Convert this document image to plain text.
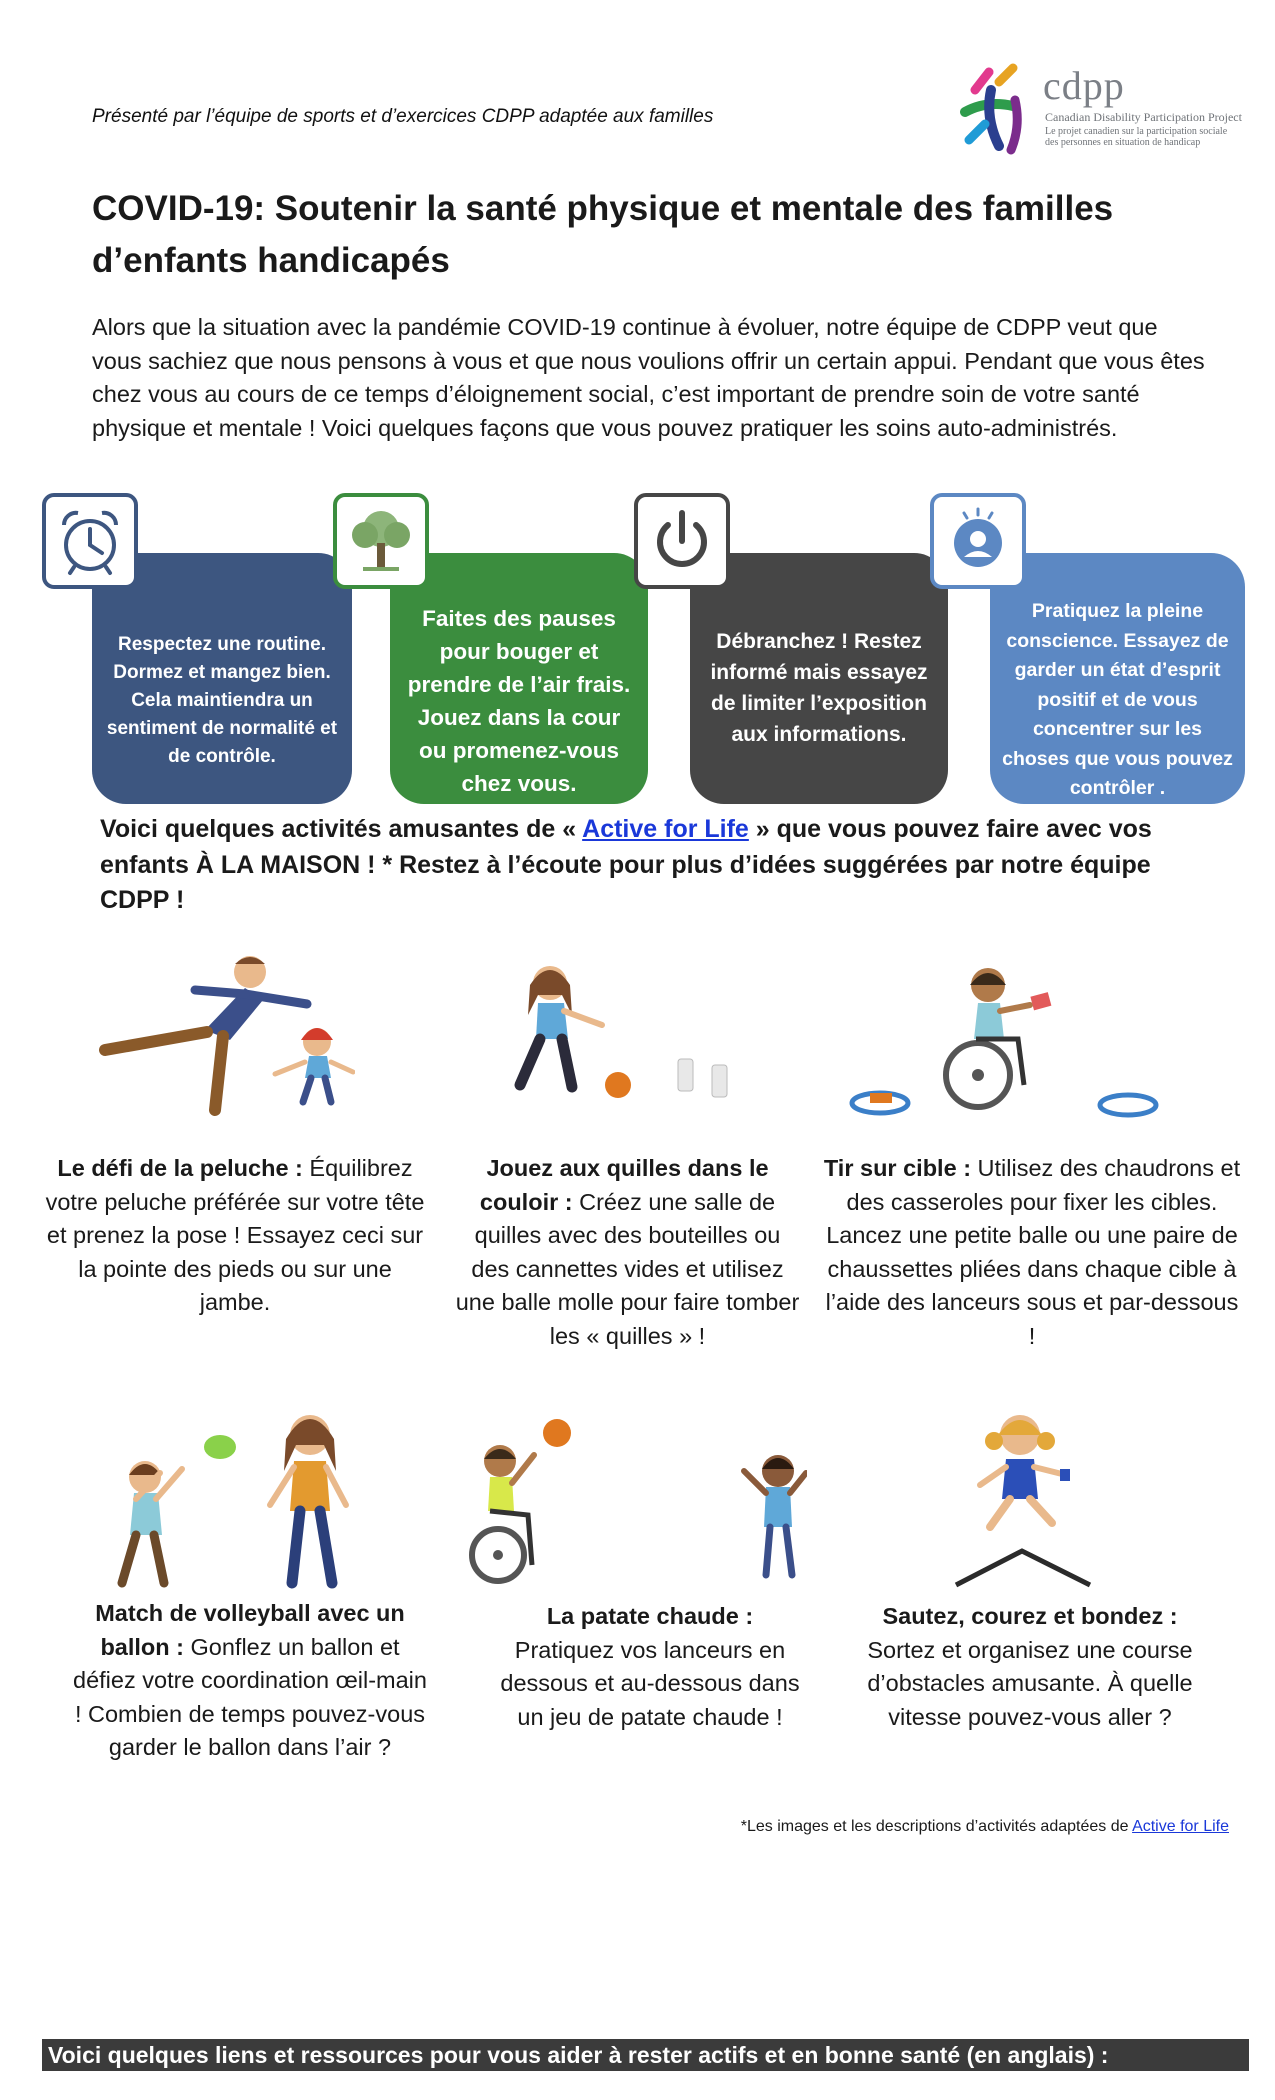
Présenté par l’équipe de sports et d’exercices CDPP adaptée aux familles
cdpp
Canadian Disability Participation Project
Le projet canadien sur la participation sociale des personnes en situation de handicap
COVID-19: Soutenir la santé physique et mentale des familles d’enfants handicapés

Alors que la situation avec la pandémie COVID-19 continue à évoluer, notre équipe de CDPP veut que vous sachiez que nous pensons à vous et que nous voulions offrir un certain appui. Pendant que vous êtes chez vous au cours de ce temps d’éloignement social, c’est important de prendre soin de votre santé physique et mentale ! Voici quelques façons que vous pouvez pratiquer les soins auto-administrés.

Respectez une routine. Dormez et mangez bien. Cela maintiendra un sentiment de normalité et de contrôle.
Faites des pauses pour bouger et prendre de l’air frais. Jouez dans la cour ou promenez-vous chez vous.
Débranchez ! Restez informé mais essayez de limiter l’exposition aux informations.
Pratiquez la pleine conscience. Essayez de garder un état d’esprit positif et de vous concentrer sur les choses que vous pouvez contrôler .

Voici quelques activités amusantes de « Active for Life » que vous pouvez faire avec vos enfants À LA MAISON ! * Restez à l’écoute pour plus d’idées suggérées par notre équipe CDPP !

Le défi de la peluche : Équilibrez votre peluche préférée sur votre tête et prenez la pose ! Essayez ceci sur la pointe des pieds ou sur une jambe.

Jouez aux quilles dans le couloir : Créez une salle de quilles avec des bouteilles ou des cannettes vides et utilisez une balle molle pour faire tomber les « quilles » !

Tir sur cible : Utilisez des chaudrons et des casseroles pour fixer les cibles. Lancez une petite balle ou une paire de chaussettes pliées dans chaque cible à l’aide des lanceurs sous et par-dessous !

Match de volleyball avec un ballon : Gonflez un ballon et défiez votre coordination œil-main ! Combien de temps pouvez-vous garder le ballon dans l’air ?

La patate chaude :
Pratiquez vos lanceurs en dessous et au-dessous dans un jeu de patate chaude !

Sautez, courez et bondez :
Sortez et organisez une course d’obstacles amusante. À quelle vitesse pouvez-vous aller ?

*Les images et les descriptions d’activités adaptées de Active for Life
Voici quelques liens et ressources pour vous aider à rester actifs et en bonne santé (en anglais) :
